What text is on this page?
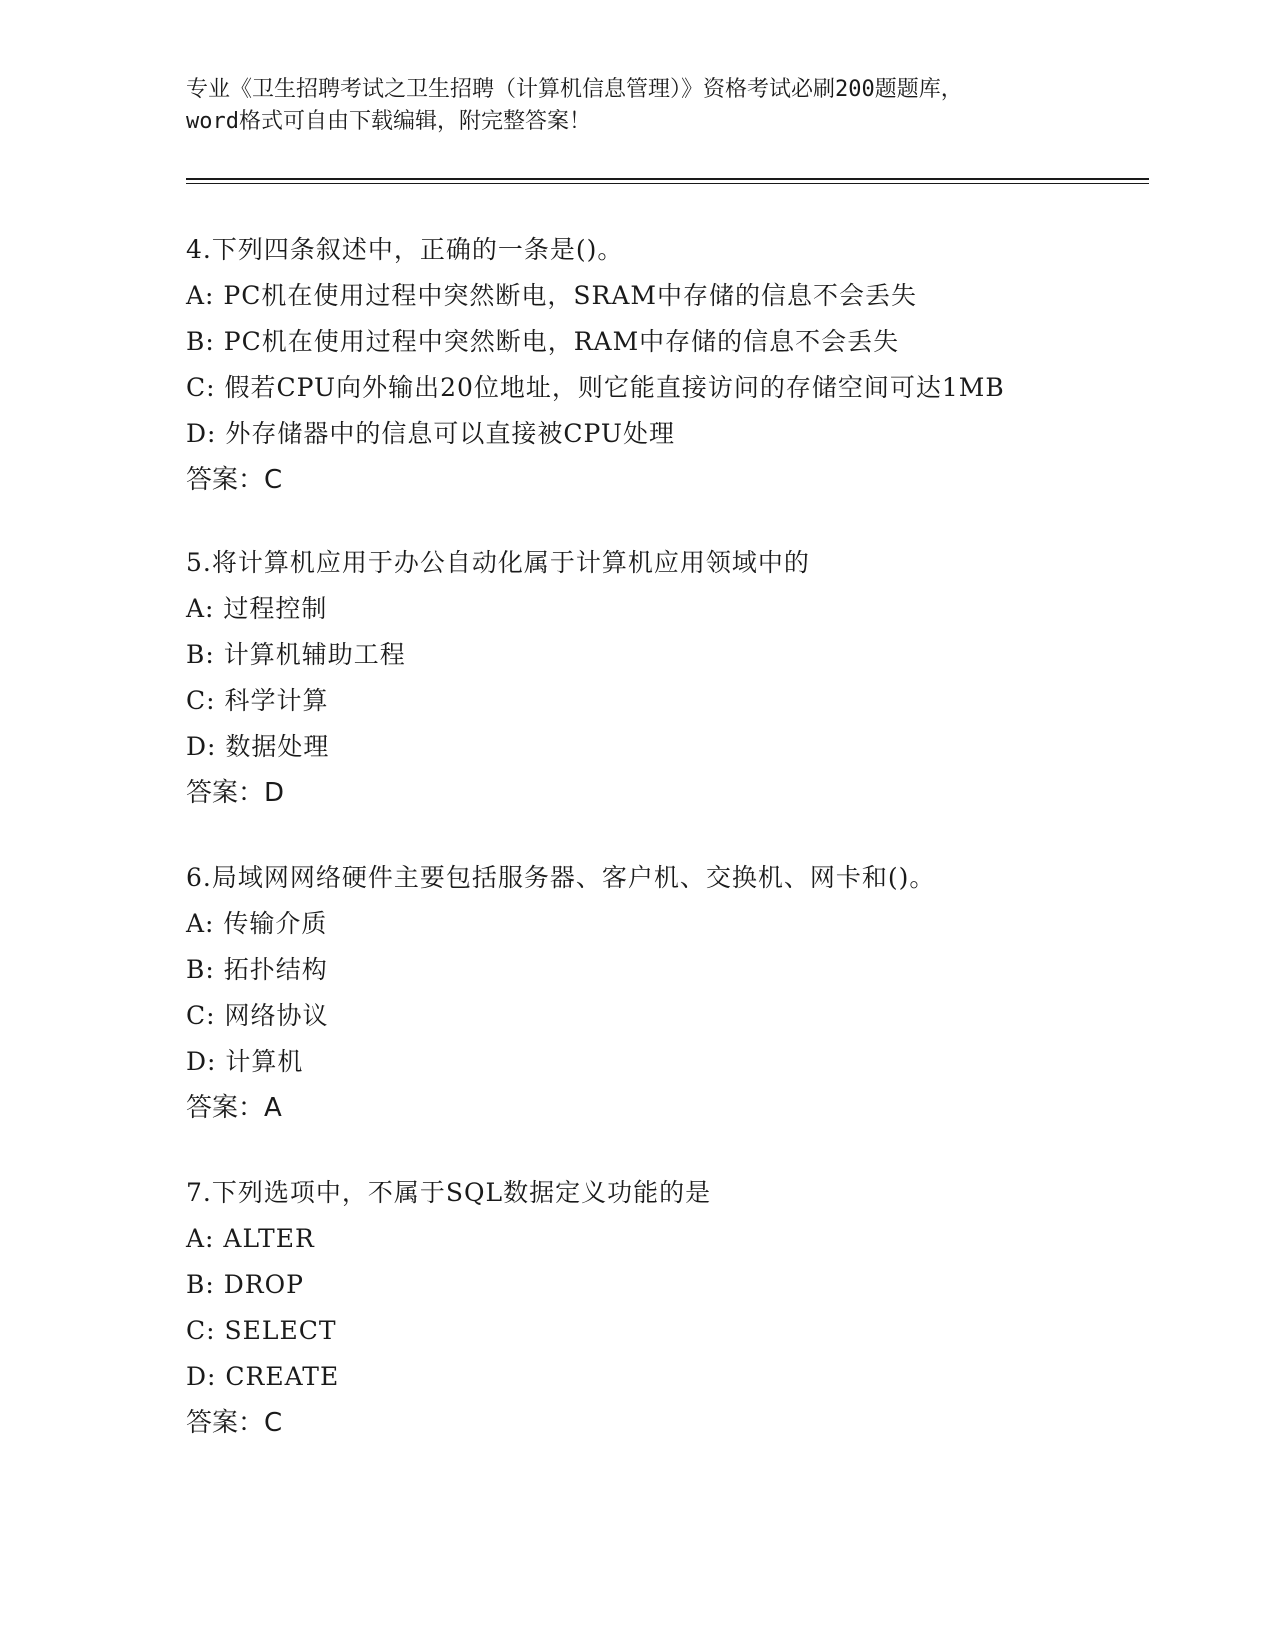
专业《卫生招聘考试之卫生招聘（计算机信息管理）》资格考试必刷200题题库，
word格式可自由下载编辑，附完整答案！
4.下列四条叙述中，正确的一条是()。
A: PC机在使用过程中突然断电，SRAM中存储的信息不会丢失
B: PC机在使用过程中突然断电，RAM中存储的信息不会丢失
C: 假若CPU向外输出20位地址，则它能直接访问的存储空间可达1MB
D: 外存储器中的信息可以直接被CPU处理
答案：C
5.将计算机应用于办公自动化属于计算机应用领域中的
A: 过程控制
B: 计算机辅助工程
C: 科学计算
D: 数据处理
答案：D
6.局域网网络硬件主要包括服务器、客户机、交换机、网卡和()。
A: 传输介质
B: 拓扑结构
C: 网络协议
D: 计算机
答案：A
7.下列选项中，不属于SQL数据定义功能的是
A: ALTER
B: DROP
C: SELECT
D: CREATE
答案：C
